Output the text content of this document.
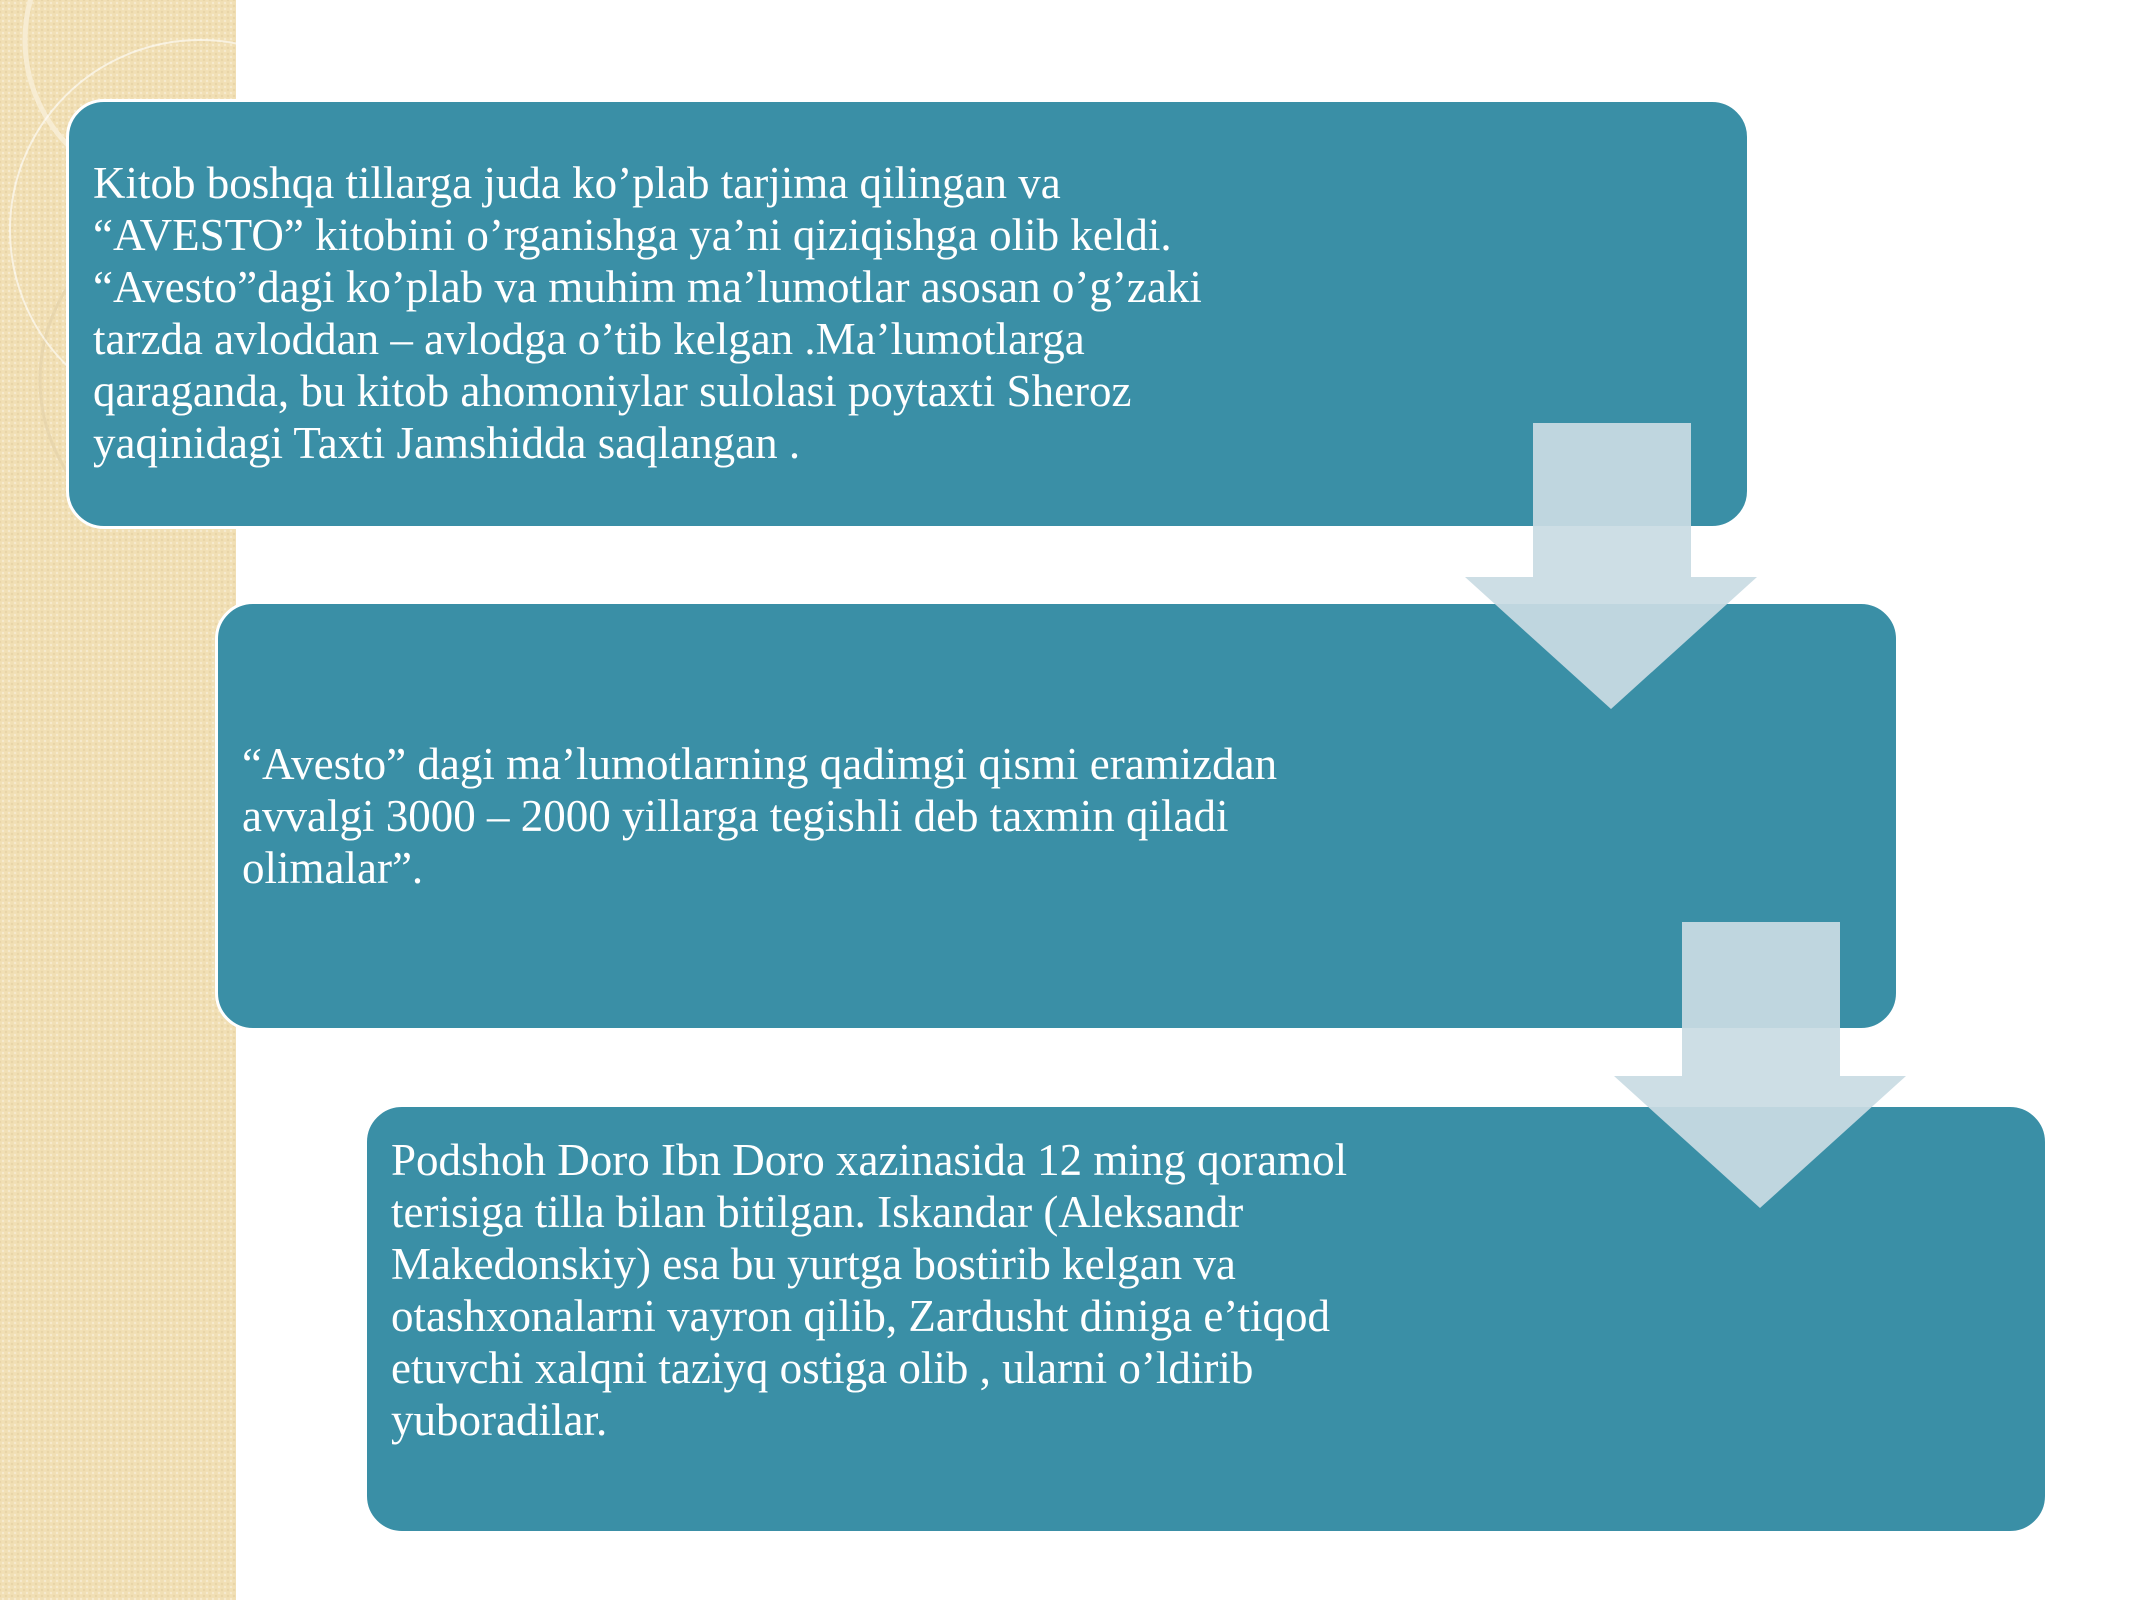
Kitob boshqa tillarga juda ko’plab tarjima qilingan va
“AVESTO” kitobini o’rganishga ya’ni qiziqishga olib keldi.
“Avesto”dagi ko’plab va muhim ma’lumotlar asosan o’g’zaki
tarzda avloddan – avlodga o’tib kelgan .Ma’lumotlarga
qaraganda, bu kitob ahomoniylar sulolasi poytaxti Sheroz
yaqinidagi Taxti Jamshidda saqlangan .
“Avesto” dagi ma’lumotlarning qadimgi qismi eramizdan
avvalgi 3000 – 2000 yillarga tegishli deb taxmin qiladi
olimalar”.
Podshoh Doro Ibn Doro xazinasida 12 ming qoramol
terisiga tilla bilan bitilgan. Iskandar (Aleksandr
Makedonskiy) esa bu yurtga bostirib kelgan va
otashxonalarni vayron qilib, Zardusht diniga e’tiqod
etuvchi xalqni taziyq ostiga olib , ularni o’ldirib
yuboradilar.
